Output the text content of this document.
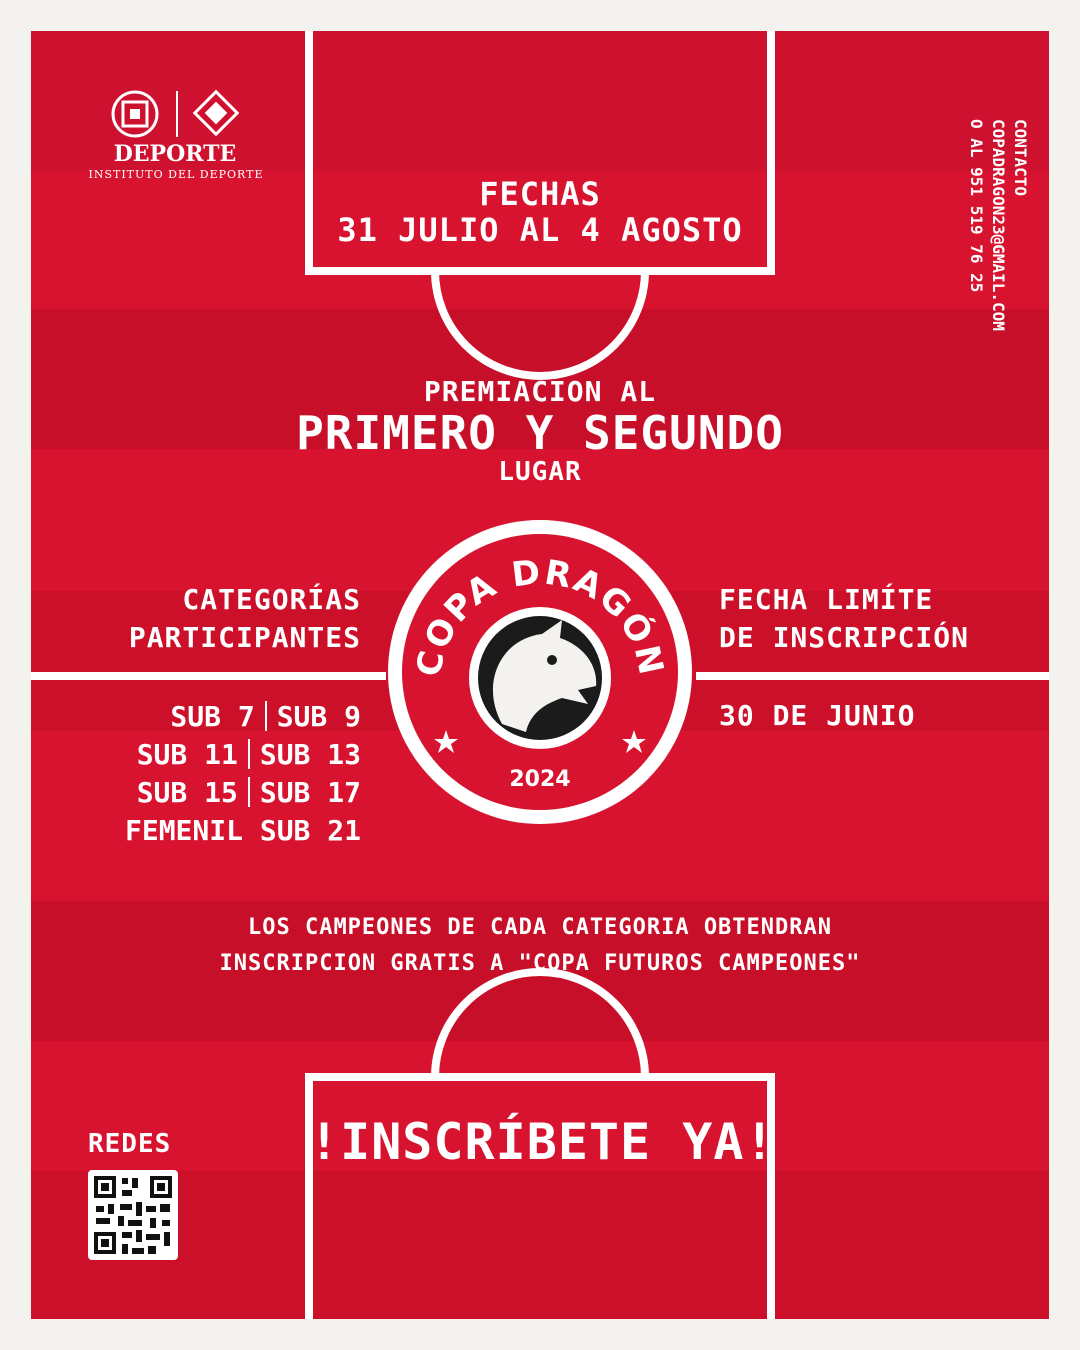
DEPORTE
INSTITUTO DEL DEPORTE
FECHAS
31 JULIO AL 4 AGOSTO
CONTACTO
COPADRAGON23@GMAIL.COM
O AL 951 519 76 25
PREMIACION AL
PRIMERO Y SEGUNDO
LUGAR
CATEGORÍAS
PARTICIPANTES
SUB 7 SUB 9
SUB 11 SUB 13
SUB 15 SUB 17
FEMENIL SUB 21
FECHA LIMÍTE
DE INSCRIPCIÓN
30 DE JUNIO
COPA DRAGÓN
2024
LOS CAMPEONES DE CADA CATEGORIA OBTENDRAN
INSCRIPCION GRATIS A "COPA FUTUROS CAMPEONES"
!INSCRÍBETE YA!
REDES
